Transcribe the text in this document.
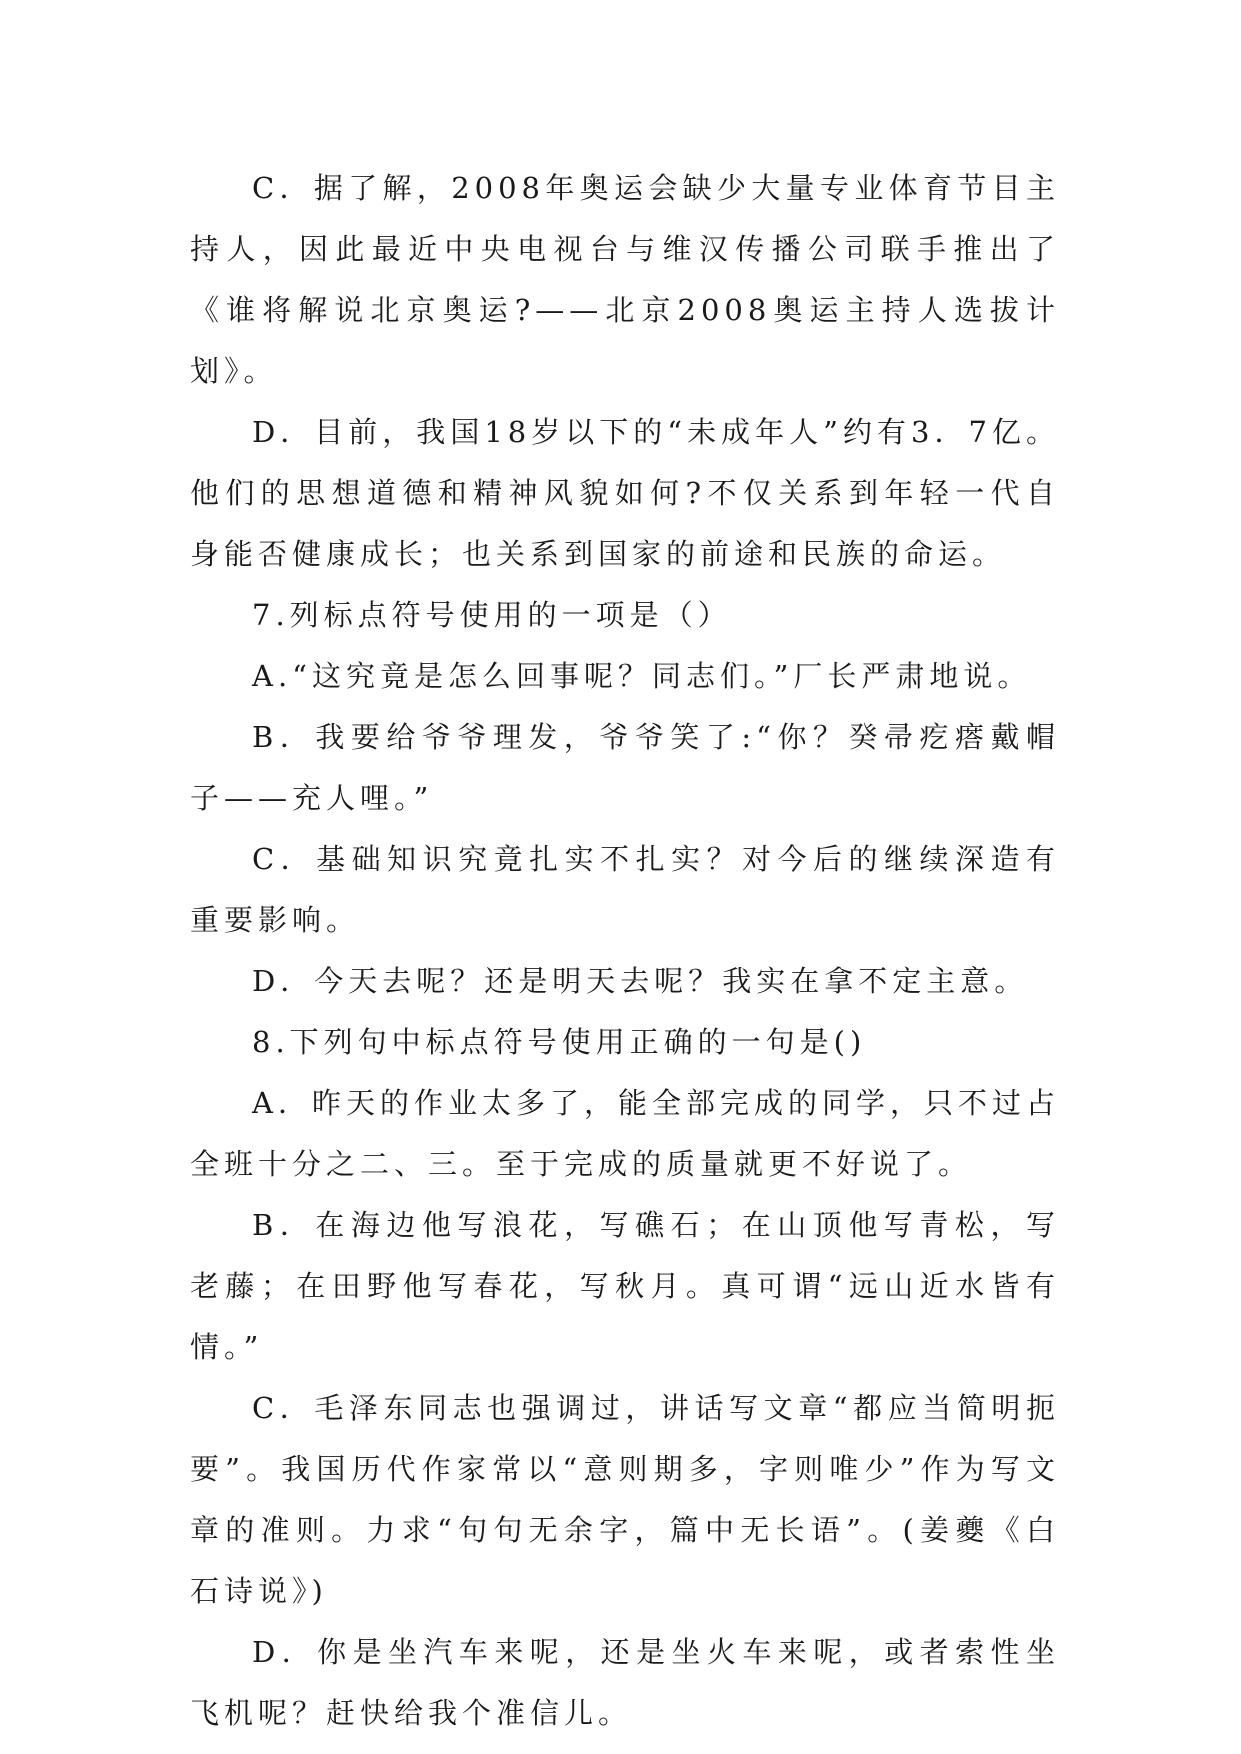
C．据了解，2008年奥运会缺少大量专业体育节目主持人，因此最近中央电视台与维汉传播公司联手推出了《谁将解说北京奥运?——北京2008奥运主持人选拔计划》。

D．目前，我国18岁以下的“未成年人”约有3．7亿。他们的思想道德和精神风貌如何?不仅关系到年轻一代自身能否健康成长；也关系到国家的前途和民族的命运。

7.列标点符号使用的一项是（）

A.“这究竟是怎么回事呢？同志们。”厂长严肃地说。

B．我要给爷爷理发，爷爷笑了:“你？癸帚疙瘩戴帽子——充人哩。”

C．基础知识究竟扎实不扎实？对今后的继续深造有重要影响。

D．今天去呢？还是明天去呢？我实在拿不定主意。

8.下列句中标点符号使用正确的一句是()

A．昨天的作业太多了，能全部完成的同学，只不过占全班十分之二、三。至于完成的质量就更不好说了。

B．在海边他写浪花，写礁石；在山顶他写青松，写老藤；在田野他写春花，写秋月。真可谓“远山近水皆有情。”

C．毛泽东同志也强调过，讲话写文章“都应当简明扼要”。我国历代作家常以“意则期多，字则唯少”作为写文章的准则。力求“句句无余字，篇中无长语”。(姜夔《白石诗说》)

D．你是坐汽车来呢，还是坐火车来呢，或者索性坐飞机呢？赶快给我个准信儿。
